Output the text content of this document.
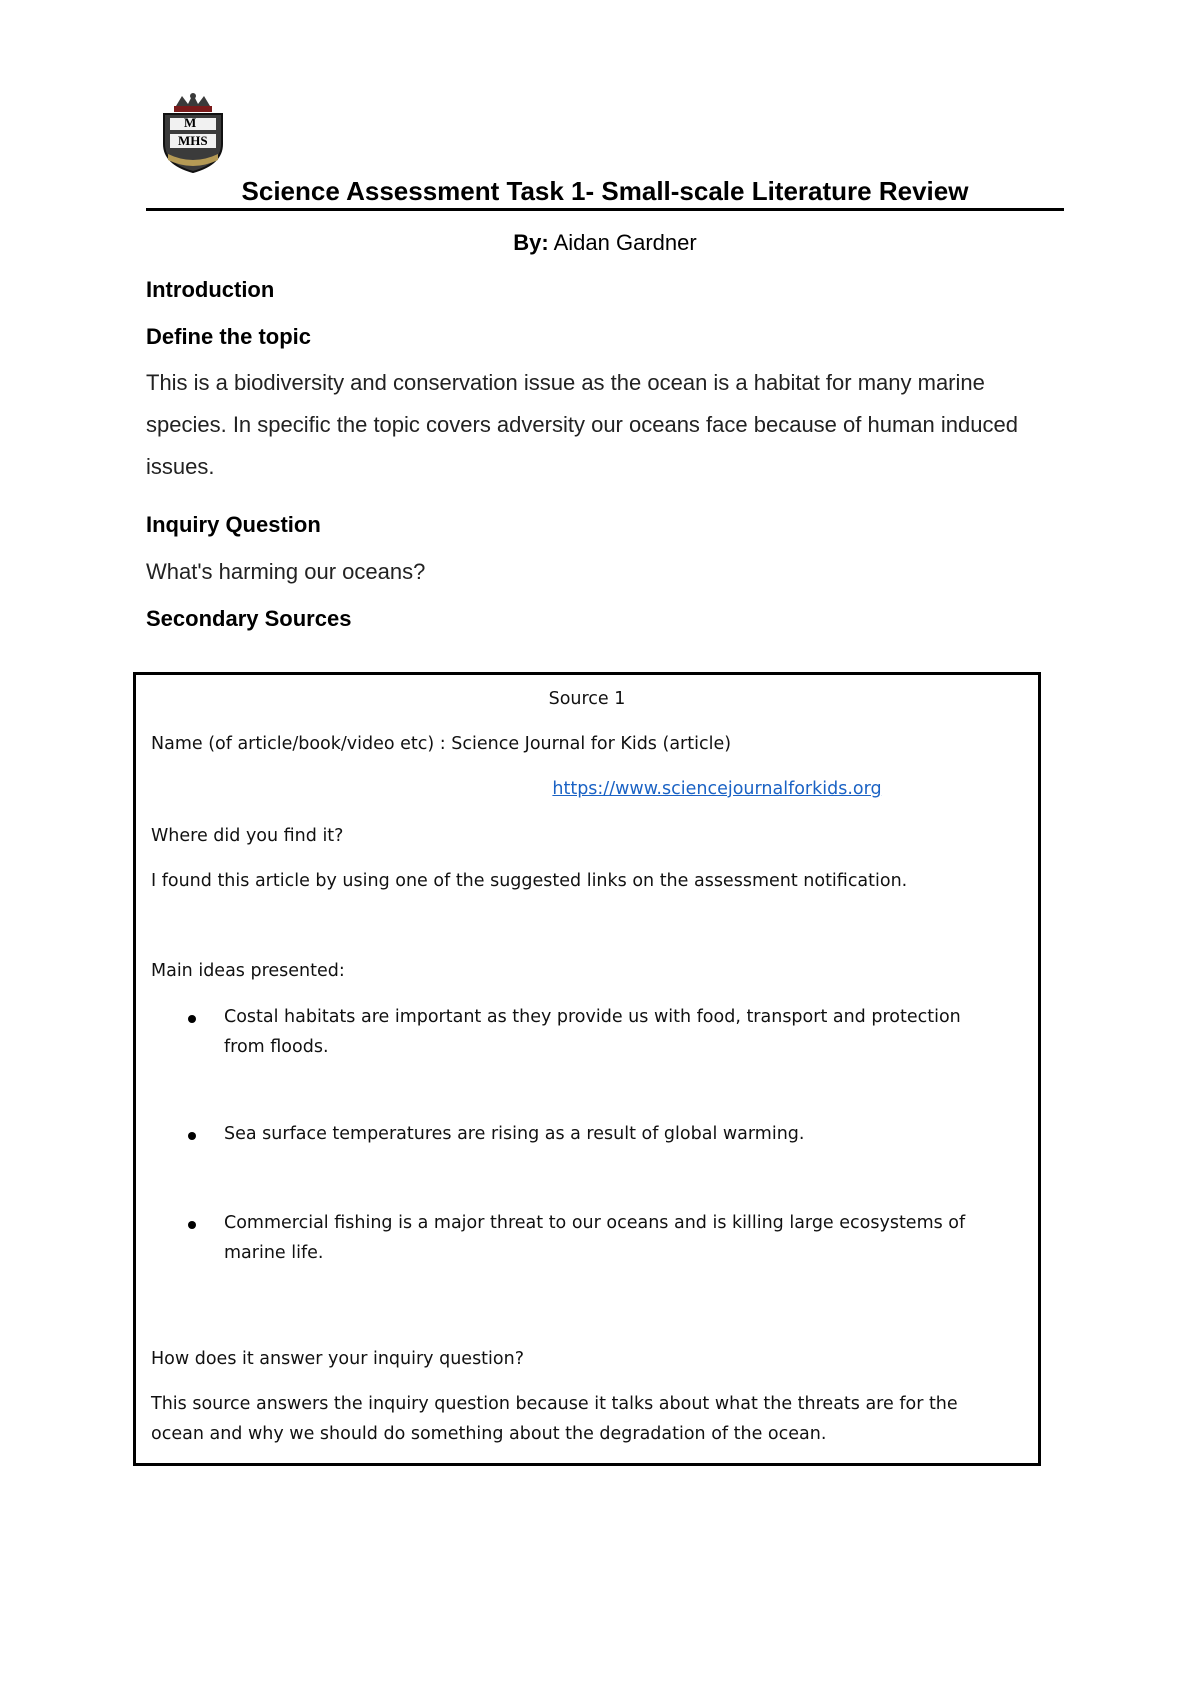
M
MHS
Science Assessment Task 1- Small-scale Literature Review
By: Aidan Gardner
Introduction
Define the topic
This is a biodiversity and conservation issue as the ocean is a habitat for many marine species. In specific the topic covers adversity our oceans face because of human induced issues.
Inquiry Question
What's harming our oceans?
Secondary Sources
Source 1
Name (of article/book/video etc) : Science Journal for Kids (article)
https://www.sciencejournalforkids.org
Where did you find it?
I found this article by using one of the suggested links on the assessment notification.
Main ideas presented:
Costal habitats are important as they provide us with food, transport and protection from floods.
Sea surface temperatures are rising as a result of global warming.
Commercial fishing is a major threat to our oceans and is killing large ecosystems of marine life.
How does it answer your inquiry question?
This source answers the inquiry question because it talks about what the threats are for the ocean and why we should do something about the degradation of the ocean.
